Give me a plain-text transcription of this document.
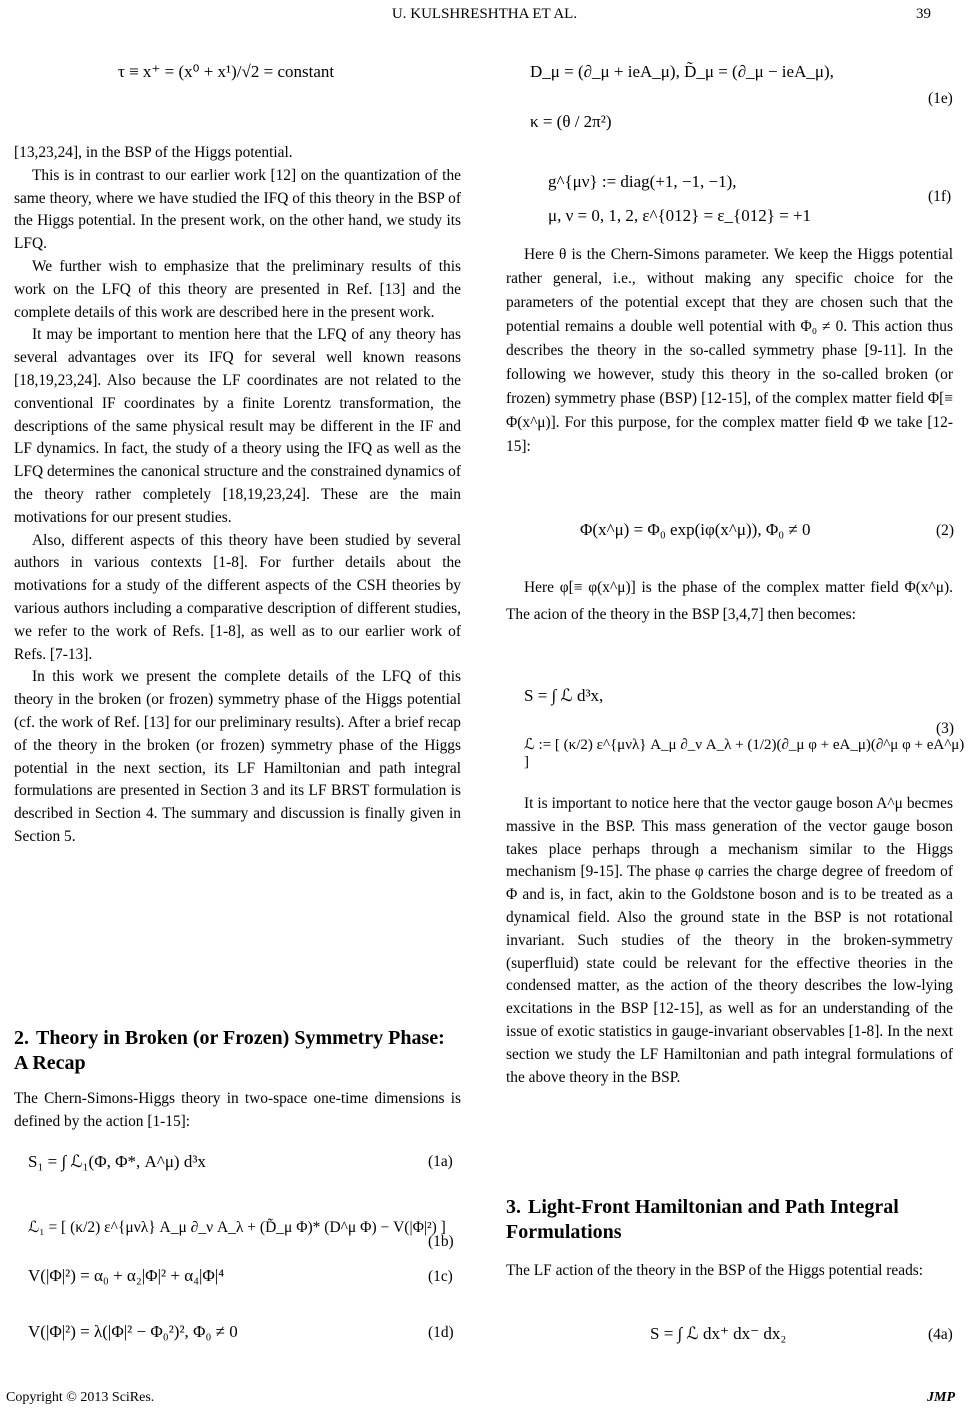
U. KULSHRESHTHA ET AL.	39
τ ≡ x⁺ = (x⁰ + x¹)/√2 = constant

[13,23,24], in the BSP of the Higgs potential.

This is in contrast to our earlier work [12] on the quantization of the same theory, where we have studied the IFQ of this theory in the BSP of the Higgs potential. In the present work, on the other hand, we study its LFQ.

We further wish to emphasize that the preliminary results of this work on the LFQ of this theory are presented in Ref. [13] and the complete details of this work are described here in the present work.

It may be important to mention here that the LFQ of any theory has several advantages over its IFQ for several well known reasons [18,19,23,24]. Also because the LF coordinates are not related to the conventional IF coordinates by a finite Lorentz transformation, the descriptions of the same physical result may be different in the IF and LF dynamics. In fact, the study of a theory using the IFQ as well as the LFQ determines the canonical structure and the constrained dynamics of the theory rather completely [18,19,23,24]. These are the main motivations for our present studies.

Also, different aspects of this theory have been studied by several authors in various contexts [1-8]. For further details about the motivations for a study of the different aspects of the CSH theories by various authors including a comparative description of different studies, we refer to the work of Refs. [1-8], as well as to our earlier work of Refs. [7-13].

In this work we present the complete details of the LFQ of this theory in the broken (or frozen) symmetry phase of the Higgs potential (cf. the work of Ref. [13] for our preliminary results). After a brief recap of the theory in the broken (or frozen) symmetry phase of the Higgs potential in the next section, its LF Hamiltonian and path integral formulations are presented in Section 3 and its LF BRST formulation is described in Section 4. The summary and discussion is finally given in Section 5.

2. Theory in Broken (or Frozen) Symmetry Phase: A Recap

The Chern-Simons-Higgs theory in two-space one-time dimensions is defined by the action [1-15]:

S₁ = ∫ ℒ₁(Φ, Φ*, A^μ) d³x	(1a)
ℒ₁ = [ (κ/2) ε^{μνλ} A_μ ∂_ν A_λ + (D̃_μ Φ)* (D^μ Φ) − V(|Φ|²) ]
(1b)
V(|Φ|²) = α₀ + α₂|Φ|² + α₄|Φ|⁴	(1c)
V(|Φ|²) = λ(|Φ|² − Φ₀²)², Φ₀ ≠ 0	(1d)
D_μ = (∂_μ + ieA_μ), D̃_μ = (∂_μ − ieA_μ),
κ = (θ / 2π²)
(1e)
g^{μν} := diag(+1, −1, −1),
μ, ν = 0, 1, 2, ε^{012} = ε_{012} = +1
(1f)

Here θ is the Chern-Simons parameter. We keep the Higgs potential rather general, i.e., without making any specific choice for the parameters of the potential except that they are chosen such that the potential remains a double well potential with Φ₀ ≠ 0. This action thus describes the theory in the so-called symmetry phase [9-11]. In the following we however, study this theory in the so-called broken (or frozen) symmetry phase (BSP) [12-15], of the complex matter field Φ[≡ Φ(x^μ)]. For this purpose, for the complex matter field Φ we take [12-15]:

Φ(x^μ) = Φ₀ exp(iφ(x^μ)), Φ₀ ≠ 0	(2)

Here φ[≡ φ(x^μ)] is the phase of the complex matter field Φ(x^μ). The acion of the theory in the BSP [3,4,7] then becomes:

S = ∫ ℒ d³x,
ℒ := [ (κ/2) ε^{μνλ} A_μ ∂_ν A_λ + (1/2)(∂_μ φ + eA_μ)(∂^μ φ + eA^μ) ]
(3)

It is important to notice here that the vector gauge boson A^μ becmes massive in the BSP. This mass generation of the vector gauge boson takes place perhaps through a mechanism similar to the Higgs mechanism [9-15]. The phase φ carries the charge degree of freedom of Φ and is, in fact, akin to the Goldstone boson and is to be treated as a dynamical field. Also the ground state in the BSP is not rotational invariant. Such studies of the theory in the broken-symmetry (superfluid) state could be relevant for the effective theories in the condensed matter, as the action of the theory describes the low-lying excitations in the BSP [12-15], as well as for an understanding of the issue of exotic statistics in gauge-invariant observables [1-8]. In the next section we study the LF Hamiltonian and path integral formulations of the above theory in the BSP.

3. Light-Front Hamiltonian and Path Integral Formulations

The LF action of the theory in the BSP of the Higgs potential reads:

S = ∫ ℒ dx⁺ dx⁻ dx₂	(4a)
Copyright © 2013 SciRes.	JMP
